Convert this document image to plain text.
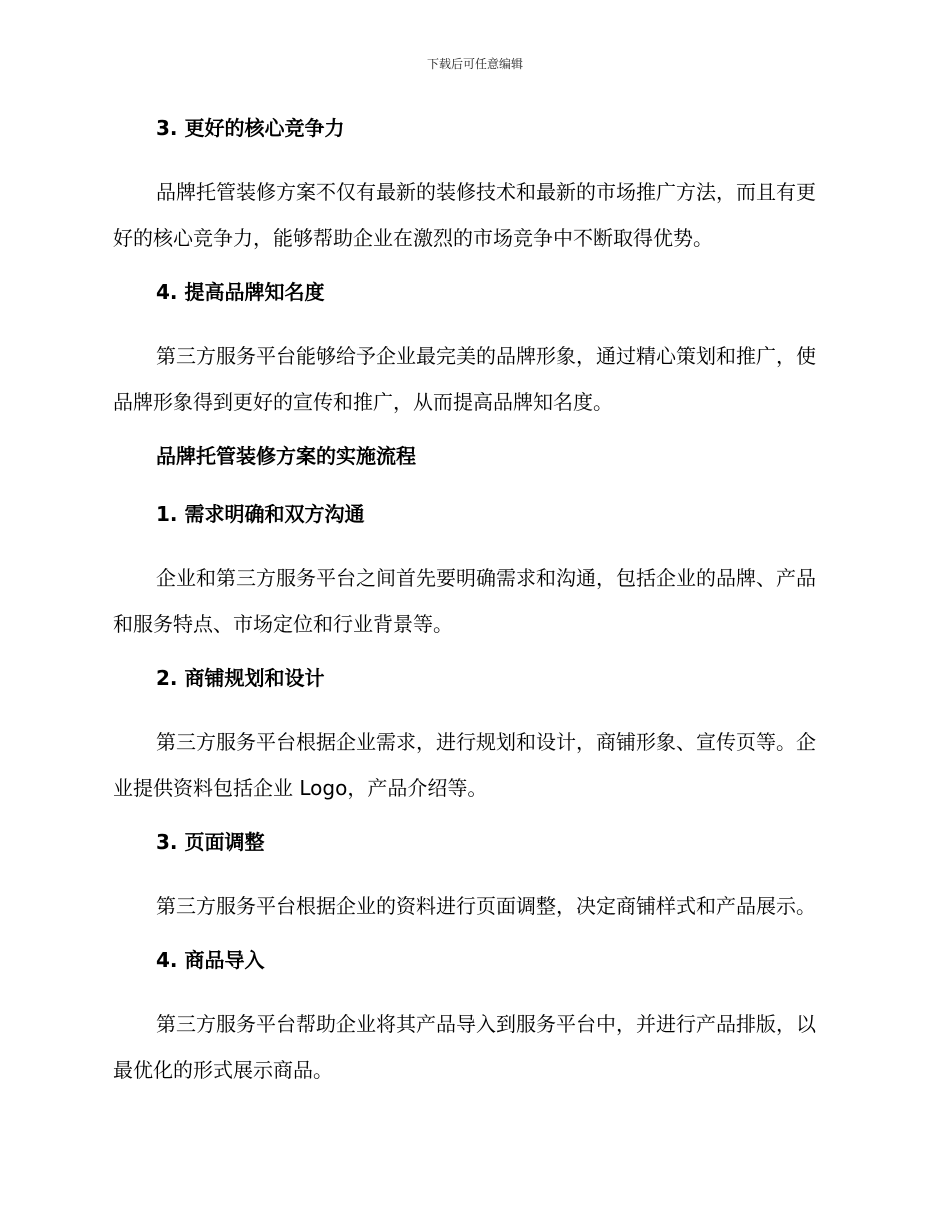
下载后可任意编辑
3. 更好的核心竞争力
品牌托管装修方案不仅有最新的装修技术和最新的市场推广方法，而且有更好的核心竞争力，能够帮助企业在激烈的市场竞争中不断取得优势。
4. 提高品牌知名度
第三方服务平台能够给予企业最完美的品牌形象，通过精心策划和推广，使品牌形象得到更好的宣传和推广，从而提高品牌知名度。
品牌托管装修方案的实施流程
1. 需求明确和双方沟通
企业和第三方服务平台之间首先要明确需求和沟通，包括企业的品牌、产品和服务特点、市场定位和行业背景等。
2. 商铺规划和设计
第三方服务平台根据企业需求，进行规划和设计，商铺形象、宣传页等。企业提供资料包括企业 Logo，产品介绍等。
3. 页面调整
第三方服务平台根据企业的资料进行页面调整，决定商铺样式和产品展示。
4. 商品导入
第三方服务平台帮助企业将其产品导入到服务平台中，并进行产品排版，以最优化的形式展示商品。
